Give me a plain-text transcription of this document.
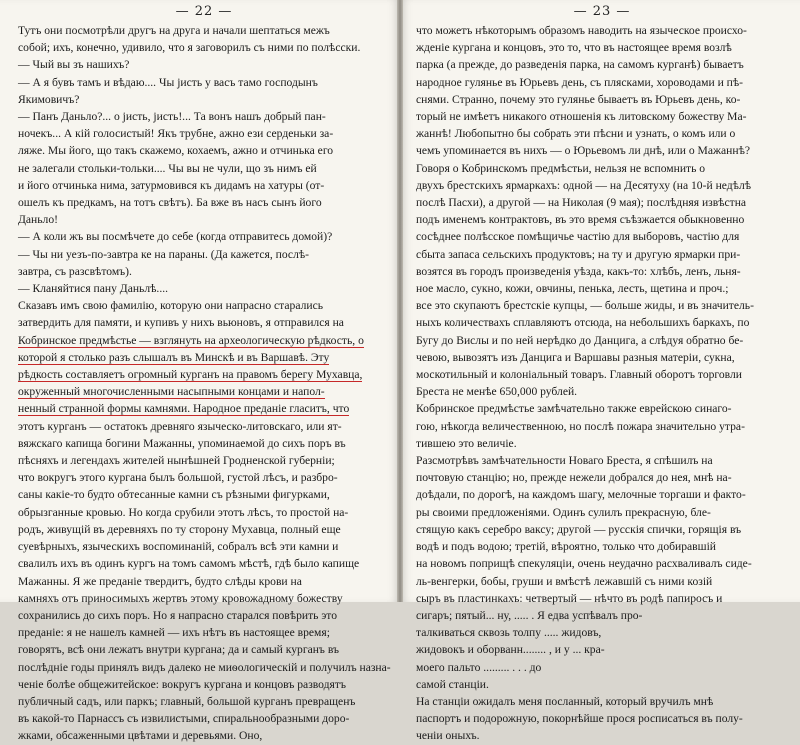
— 22 —
Тутъ они посмотрѣли другъ на друга и начали шептаться межъ
собой; ихъ, конечно, удивило, что я заговорилъ съ ними по полѣсски.
— Чый вы зъ нашихъ?
— А я бувъ тамъ и вѣдаю.... Чы јисть у васъ тамо господынъ
Якимовичъ?
— Панъ Даньло?... о јисть, јисть!... Та вонъ нашъ добрый пан-
ночекъ... А кій голосистый! Якъ трубне, ажно ези серденьки за-
ляже. Мы його, що такъ скажемо, кохаемъ, ажно и отчинька его
не залегали стольки-тольки.... Чы вы не чули, що зъ нимъ ей
и його отчинька нима, затурмовився къ дидамъ на хатуры (от-
ошелъ къ предкамъ, на тотъ свѣтъ). Ба вже въ насъ сынъ його
Даньло!
— А коли жъ вы посмѣчете до себе (когда отправитесь домой)?
— Чы ни уезъ-по-завтра ке на параны. (Да кажется, послѣ-
завтра, съ разсвѣтомъ).
— Кланяйтися пану Даньлѣ....
Сказавъ имъ свою фамилію, которую они напрасно старались
затвердить для памяти, и купивъ у нихъ вьюновъ, я отправился на
Кобринское предмѣстье — взглянуть на археологическую рѣдкость, о
которой я столько разъ слышалъ въ Минскѣ и въ Варшавѣ. Эту
рѣдкость составляетъ огромный курганъ на правомъ берегу Мухавца,
окруженный многочисленными насыпными концами и напол-
ненный странной формы камнями. Народное преданіе гласитъ, что
этотъ курганъ — остатокъ древняго языческо-литовскаго, или ят-
вяжскаго капища богини Мажанны, упоминаемой до сихъ поръ въ
пѣсняхъ и легендахъ жителей нынѣшней Гродненской губерніи;
что вокругъ этого кургана былъ большой, густой лѣсъ, и разбро-
саны какіе-то будто обтесанные камни съ рѣзными фигурками,
обрызганные кровью. Но когда срубили этотъ лѣсъ, то простой на-
родъ, живущій въ деревняхъ по ту сторону Мухавца, полный еще
суевѣрныхъ, языческихъ воспоминаній, собралъ всѣ эти камни и
свалилъ ихъ въ одинъ кургъ на томъ самомъ мѣстѣ, гдѣ было капище
Мажанны. Я же преданіе твердитъ, будто слѣды крови на
камняхъ отъ приносимыхъ жертвъ этому кровожадному божеству
сохранились до сихъ поръ. Но я напрасно старался повѣрить это
преданіе: я не нашелъ камней — ихъ нѣтъ въ настоящее время;
говорятъ, всѣ они лежатъ внутри кургана; да и самый курганъ въ
послѣдніе годы принялъ видъ далеко не миѳологическій и получилъ назна-
ченіе болѣе общежитейское: вокругъ кургана и концовъ разводятъ
публичный садъ, или паркъ; главный, большой курганъ превращенъ
въ какой-то Парнассъ съ извилистыми, спиральнообразными доро-
жками, обсаженными цвѣтами и деревьями. Оно,
— 23 —
что можетъ нѣкоторымъ образомъ наводить на языческое происхо-
жденіе кургана и концовъ, это то, что въ настоящее время возлѣ
парка (а прежде, до разведенія парка, на самомъ курганѣ) бываетъ
народное гулянье въ Юрьевъ день, съ плясками, хороводами и пѣ-
снями. Странно, почему это гулянье бываетъ въ Юрьевъ день, ко-
торый не имѣетъ никакого отношенія къ литовскому божеству Ма-
жаннѣ! Любопытно бы собрать эти пѣсни и узнать, о комъ или о
чемъ упоминается въ нихъ — о Юрьевомъ ли днѣ, или о Мажаннѣ?
Говоря о Кобринскомъ предмѣстьи, нельзя не вспомнить о
двухъ брестскихъ ярмаркахъ: одной — на Десятуху (на 10-й недѣлѣ
послѣ Пасхи), а другой — на Николая (9 мая); послѣдняя извѣстна
подъ именемъ контрактовъ, въ это время съѣзжается обыкновенно
сосѣднее полѣсское помѣщичье частію для выборовъ, частію для
сбыта запаса сельскихъ продуктовъ; на ту и другую ярмарки при-
возятся въ городъ произведенія уѣзда, какъ-то: хлѣбъ, ленъ, льня-
ное масло, сукно, кожи, овчины, пенька, лесть, щетина и проч.;
все это скупаютъ брестскіе купцы, — больше жиды, и въ значитель-
ныхъ количествахъ сплавляютъ отсюда, на небольшихъ баркахъ, по
Бугу до Вислы и по ней нерѣдко до Данцига, а слѣдуя обратно бе-
чевою, вывозятъ изъ Данцига и Варшавы разныя матеріи, сукна,
москотильный и колоніальный товаръ. Главный оборотъ торговли
Бреста не менѣе 650,000 рублей.
Кобринское предмѣстье замѣчательно также еврейскою синаго-
гою, нѣкогда величественною, но послѣ пожара значительно утра-
тившею это величіе.
Разсмотрѣвъ замѣчательности Новаго Бреста, я спѣшилъ на
почтовую станцію; но, прежде нежели добрался до нея, мнѣ на-
доѣдали, по дорогѣ, на каждомъ шагу, мелочные торгаши и факто-
ры своими предложеніями. Одинъ сулилъ прекрасную, бле-
стящую какъ серебро ваксу; другой — русскія спички, горящія въ
водѣ и подъ водою; третій, вѣроятно, только что добиравшій
на новомъ поприщѣ спекуляціи, очень неудачно расхваливалъ сиде-
ль-венгерки, бобы, груши и вмѣстѣ лежавшій съ ними козій
сыръ въ пластинкахъ: четвертый — нѣчто въ родѣ папиросъ и
сигаръ; пятый... ну, ..... . Я едва успѣвалъ про-
талкиваться сквозь толпу ..... жидовъ,
жидовокъ и оборванн........ , и у ... кра-
моего пальто ......... . . . до
самой станціи.
На станціи ожидалъ меня посланный, который вручилъ мнѣ
паспортъ и подорожную, покорнѣйше прося росписаться въ полу-
ченіи оныхъ.
